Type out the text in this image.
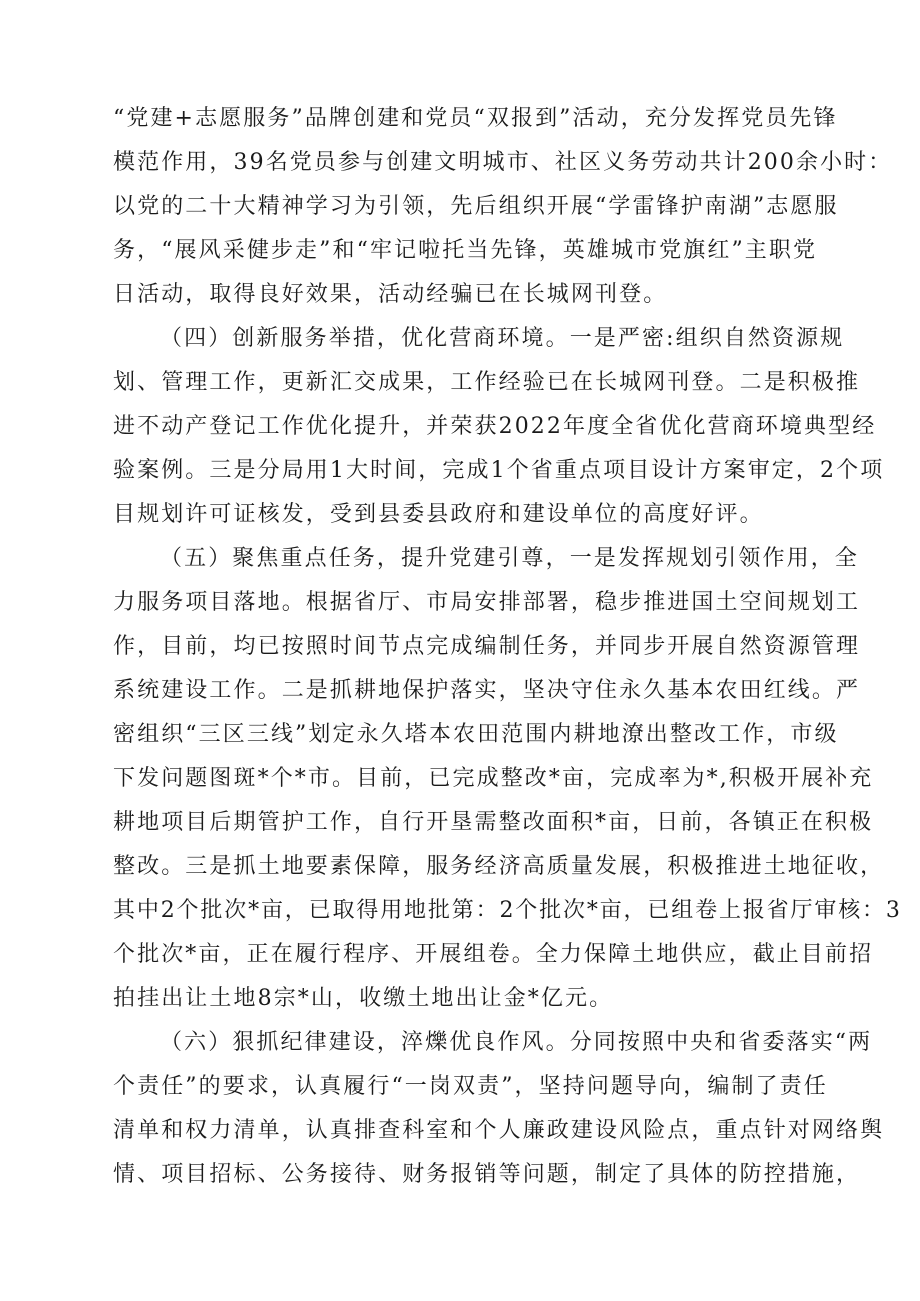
“党建+志愿服务”品牌创建和党员“双报到”活动，充分发挥党员先锋
模范作用，39名党员参与创建文明城市、社区义务劳动共计200余小时：
以党的二十大精神学习为引领，先后组织开展“学雷锋护南湖”志愿服
务，“展风采健步走”和“牢记啦托当先锋，英雄城市党旗红”主职党
日活动，取得良好效果，活动经骗已在长城网刊登。
（四）创新服务举措，优化营商环境。一是严密:组织自然资源规
划、管理工作，更新汇交成果，工作经验已在长城网刊登。二是积极推
进不动产登记工作优化提升，并荣获2022年度全省优化营商环境典型经
验案例。三是分局用1大时间，完成1个省重点项目设计方案审定，2个项
目规划许可证核发，受到县委县政府和建设单位的高度好评。
（五）聚焦重点任务，提升党建引尊，一是发挥规划引领作用，全
力服务项目落地。根据省厅、市局安排部署，稳步推进国土空间规划工
作，目前，均已按照时间节点完成编制任务，并同步开展自然资源管理
系统建设工作。二是抓耕地保护落实，坚决守住永久基本农田红线。严
密组织“三区三线”划定永久塔本农田范围内耕地潦出整改工作，市级
下发问题图斑*个*市。目前，已完成整改*亩，完成率为*,积极开展补充
耕地项目后期管护工作，自行开垦需整改面积*亩，日前，各镇正在积极
整改。三是抓土地要素保障，服务经济高质量发展，积极推进土地征收，
其中2个批次*亩，已取得用地批第：2个批次*亩，已组卷上报省厅审核：3
个批次*亩，正在履行程序、开展组卷。全力保障土地供应，截止目前招
拍挂出让土地8宗*山，收缴土地出让金*亿元。
（六）狠抓纪律建设，淬爍优良作风。分同按照中央和省委落实“两
个责任”的要求，认真履行“一岗双责”，坚持问题导向，编制了责任
清单和权力清单，认真排查科室和个人廉政建设风险点，重点针对网络舆
情、项目招标、公务接待、财务报销等问题，制定了具体的防控措施，
